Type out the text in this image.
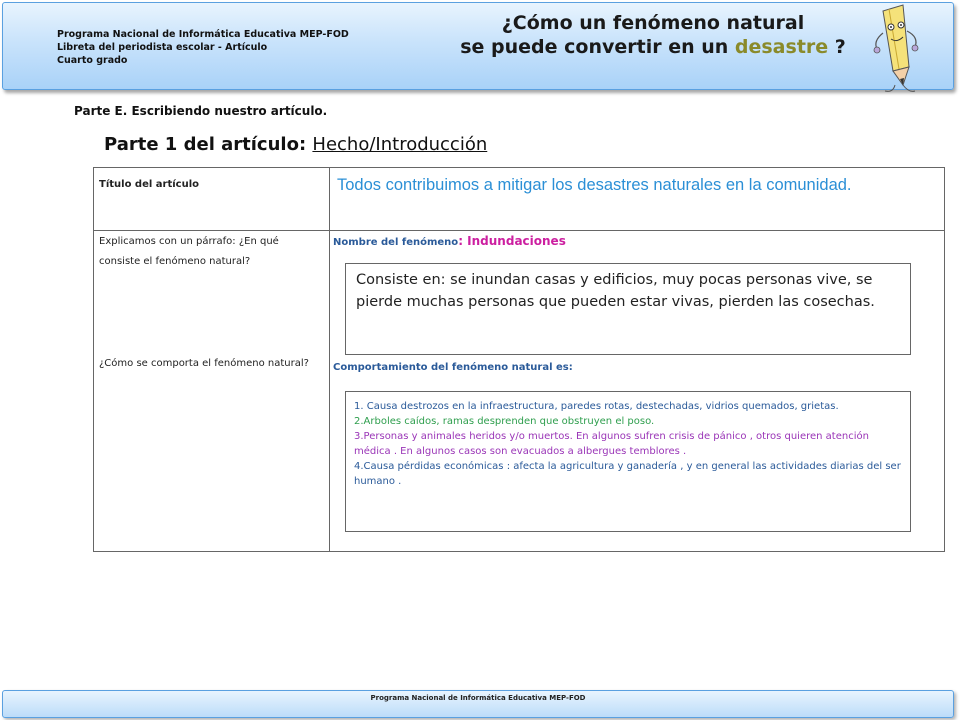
Programa Nacional de Informática Educativa MEP-FOD
Libreta del periodista escolar - Artículo
Cuarto grado
¿Cómo un fenómeno natural
se puede convertir en un desastre ?
Parte E. Escribiendo nuestro artículo.
Parte 1 del artículo: Hecho/Introducción
Título del artículo	Todos contribuimos a mitigar los desastres naturales en la comunidad.
Explicamos con un párrafo: ¿En qué consiste el fenómeno natural?
¿Cómo se comporta el fenómeno natural?
Nombre del fenómeno: Indundaciones

Consiste en: se inundan casas y edificios, muy pocas personas vive, se pierde muchas personas que pueden estar vivas, pierden las cosechas.

Comportamiento del fenómeno natural es:
1. Causa destrozos en la infraestructura, paredes rotas, destechadas, vidrios quemados, grietas.
2.Arboles caídos, ramas desprenden que obstruyen el poso.
3.Personas y animales heridos y/o muertos. En algunos sufren crisis de pánico , otros quieren atención médica . En algunos casos son evacuados a albergues temblores .
4.Causa pérdidas económicas : afecta la agricultura y ganadería , y en general las actividades diarias del ser humano .
Programa Nacional de Informática Educativa MEP-FOD
